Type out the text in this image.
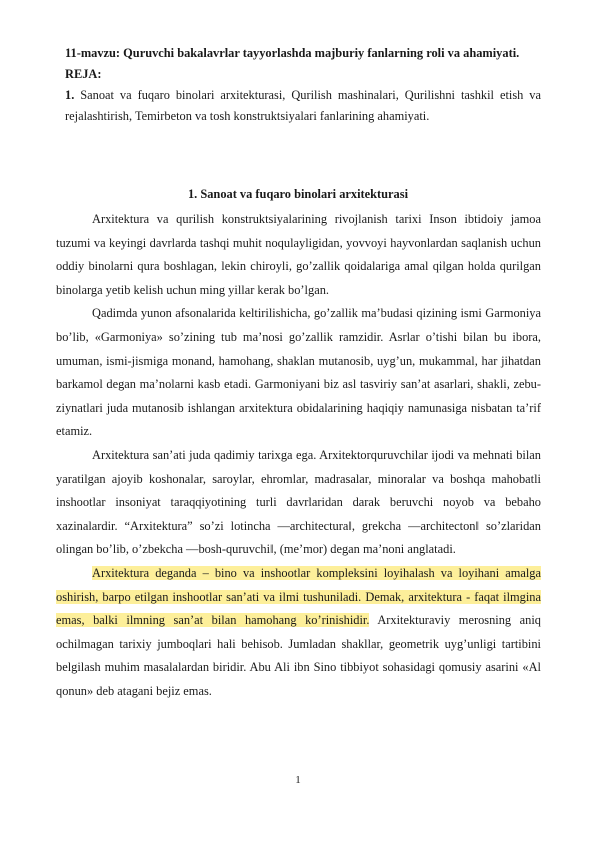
11-mavzu: Quruvchi bakalavrlar tayyorlashda majburiy fanlarning roli va ahamiyati.
REJA:
1. Sanoat va fuqaro binolari arxitekturasi, Qurilish mashinalari, Qurilishni tashkil etish va rejalashtirish, Temirbeton va tosh konstruktsiyalari fanlarining ahamiyati.
1. Sanoat va fuqaro binolari arxitekturasi

Arxitektura va qurilish konstruktsiyalarining rivojlanish tarixi Inson ibtidoiy jamoa tuzumi va keyingi davrlarda tashqi muhit noqulayligidan, yovvoyi hayvonlardan saqlanish uchun oddiy binolarni qura boshlagan, lekin chiroyli, go’zallik qoidalariga amal qilgan holda qurilgan binolarga yetib kelish uchun ming yillar kerak bo’lgan.

Qadimda yunon afsonalarida keltirilishicha, go’zallik ma’budasi qizining ismi Garmoniya bo’lib, «Garmoniya» so’zining tub ma’nosi go’zallik ramzidir. Asrlar o’tishi bilan bu ibora, umuman, ismi-jismiga monand, hamohang, shaklan mutanosib, uyg’un, mukammal, har jihatdan barkamol degan ma’nolarni kasb etadi. Garmoniyani biz asl tasviriy san’at asarlari, shakli, zebu-ziynatlari juda mutanosib ishlangan arxitektura obidalarining haqiqiy namunasiga nisbatan ta’rif etamiz.

Arxitektura san’ati juda qadimiy tarixga ega. Arxitektorquruvchilar ijodi va mehnati bilan yaratilgan ajoyib koshonalar, saroylar, ehromlar, madrasalar, minoralar va boshqa mahobatli inshootlar insoniyat taraqqiyotining turli davrlaridan darak beruvchi noyob va bebaho xazinalardir. “Arxitektura” so’zi lotincha ―architectura‖, grekcha ―architecton‖ so’zlaridan olingan bo’lib, o’zbekcha ―bosh-quruvchi‖, (me’mor) degan ma’noni anglatadi.

Arxitektura deganda – bino va inshootlar kompleksini loyihalash va loyihani amalga oshirish, barpo etilgan inshootlar san’ati va ilmi tushuniladi. Demak, arxitektura - faqat ilmgina emas, balki ilmning san’at bilan hamohang ko’rinishidir. Arxitekturaviy merosning aniq ochilmagan tarixiy jumboqlari hali behisob. Jumladan shakllar, geometrik uyg’unligi tartibini belgilash muhim masalalardan biridir. Abu Ali ibn Sino tibbiyot sohasidagi qomusiy asarini «Al qonun» deb atagani bejiz emas.

1
